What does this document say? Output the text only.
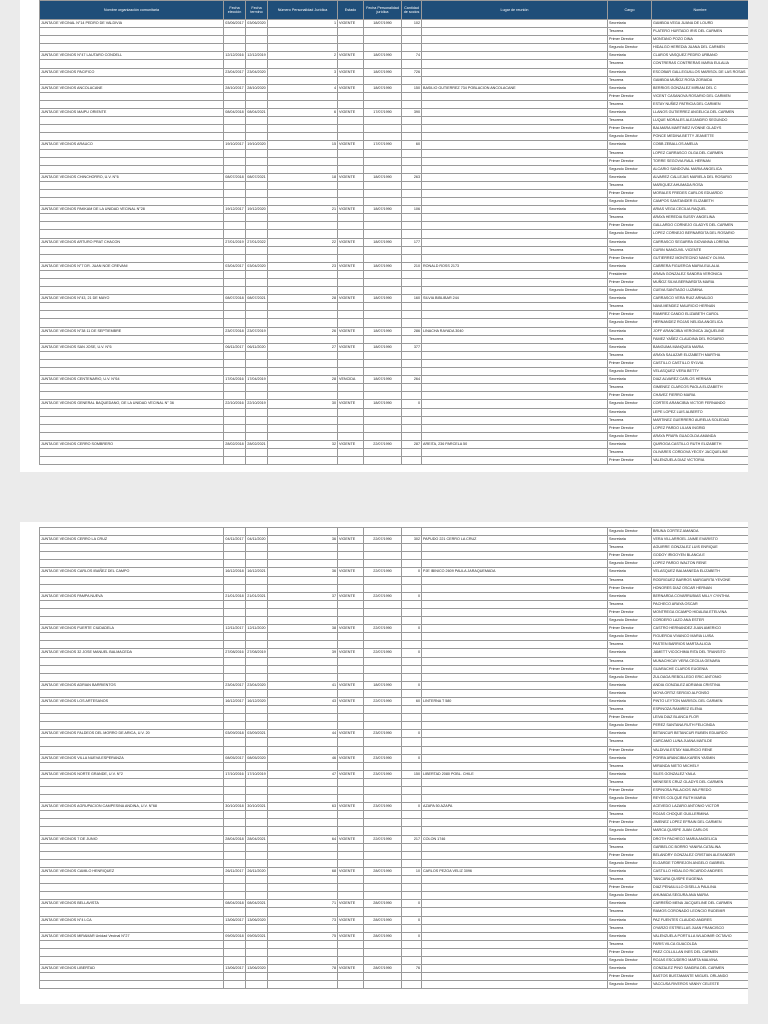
Nombre organización comunitaria	Fecha elección	Fecha termino	Número Personalidad Jurídica	Estado	Fecha Personalidad jurídica	Cantidad de socios	Lugar de reunión	Cargo	Nombre
JUNTA DE VECINAL N°14 PEDRO DE VALDIVIA	03/06/2017	03/06/2020	1	VIGENTE	18/07/1990	102		Secretaria	GAMBOA VEGA JUANA DE LOURD
								Tesorera	PLATERO HURTADO IRIS DEL CARMEN
								Primer Director	MONTANO POZO DINA
								Segundo Director	HIDALGO HEREDIA JUANA DEL CARMEN
JUNTA DE VECINOS N°47 LAUTARO CONDELL	12/12/2016	12/12/2019	2	VIGENTE	18/07/1990	74		Secretaria	CLAROS VASQUEZ PEDRO URBANO
								Tesorera	CONTRERAS CONTRERAS MARIA EULALIA
JUNTA DE VECINOS PACIFICO	23/04/2017	23/04/2020	3	VIGENTE	18/07/1990	726		Secretaria	ESCOBAR GALLEGUILLOS MARISOL DE LAS ROSAS
								Tesorera	GAMBOA MUÑOZ ROSA ZORAIDA
JUNTA DE VECINOS ANCOLACANE	28/10/2017	28/10/2020	4	VIGENTE	18/07/1990	150	BASILIO GUTIERREZ 734 POBLACION ANCOLACANE	Secretaria	BERRIOS GONZALEZ MIRIAM DEL C
								Primer Director	VICENT CASANOVA ROSARIO DEL CARMEN
								Tesorera	ESTAY NUÑEZ PATRICIA DEL CARMEN
JUNTA DE VECINOS MAIPU ORIENTE	08/04/2018	08/04/2021	6	VIGENTE	17/07/1990	390		Secretaria	LLANOS GUTIERREZ ANGELICA DEL CARMEN
								Tesorera	LUQUE MORALES ALEJANDRO SEGUNDO
								Primer Director	BALMARA MARTINEZ IVONNE GLADYS
								Segundo Director	PONCE MEDINA BETTY JEANETTE
JUNTA DE VECINOS ARAUCO	19/10/2017	19/10/2020	15	VIGENTE	17/07/1990	60		Secretaria	COBB ZEBALLOS AMELIA
								Tesorera	LOPEZ CARRASCO OLGA DEL CARMEN
								Primer Director	TORRE SEGOVIA RAUL HERNAN
								Segundo Director	ALCARIO SANDOVAL MARIA ANGELICA
JUNTA DE VECINOS CHINCHORRO, U.V. N°6	08/07/2018	08/07/2021	18	VIGENTE	18/07/1990	263		Secretaria	ALVAREZ CALLEJAS MARIELA DEL ROSARIO
								Tesorera	MARIQUEZ AHUMADA ROSA
								Primer Director	MORALES FREDES CARLOS EDUARDO
								Segundo Director	CAMPOS SANTANDER ELIZABETH
JUNTA DE VECINOS PAKKAM DE LA UNIDAD VECINAL N°28	19/12/2017	19/12/2020	21	VIGENTE	18/07/1990	106		Secretaria	ARIAS VEGA CECILIA RAQUEL
								Tesorera	ARAYA HEREDIA SUSSY ANGELINA
								Primer Director	GALLARDO CORNEJO GLADYS DEL CARMEN
								Segundo Director	LOPEZ CORNEJO BERNARDITA DEL ROSARIO
JUNTA DE VECINOS ARTURO PRAT CHACON	27/01/2019	27/01/2022	22	VIGENTE	18/07/1990	177		Secretaria	CARRASCO SEGARRA GIOVANNA LORENA
								Tesorera	CURIN NANCUVIL VICENTE
								Primer Director	GUTIERREZ MONTECINO NANCY OLIVIA
JUNTA DE VECINOS N°7 DR. JUAN NOE CREVANI	03/04/2017	03/04/2020	23	VIGENTE	18/07/1990	210	RONALD ROSS 2173	Secretaria	CABRERA FIGUEROA MARIA EULALIA
								Presidente	ARAVA GONZALEZ SANDRA VERONICA
								Primer Director	MUÑOZ SILVA BERNARDITA MARIA
								Segundo Director	CUEVA SANTIAGO LUZMINA
JUNTA DE VECINOS N°43, 21 DE MAYO	08/07/2018	08/07/2021	28	VIGENTE	18/07/1990	160	SILVIA BIBLIBAR 244	Secretaria	CARRASCO VERA RUIZ ARNALDO
								Tesorera	NAVA MENDEZ MAURICIO HERNAN
								Primer Director	RAMIREZ CANDO ELIZABETH CAROL
								Segundo Director	HERNANDEZ ROJAS NELIDA ANGELICA
JUNTA DE VECINOS N°38 11 DE SEPTIEMBRE	23/07/2018	23/07/2019	26	VIGENTE	18/07/1990	286	LINACHA RAYADA 3040	Secretaria	JOFF ARANCIBIA VERONICA JAQUELINE
								Tesorera	FAMEZ YAÑEZ CLAUDINA DEL ROSARIO
JUNTA DE VECINOS SAN JOSE, U.V. N°6	06/11/2017	06/11/2020	27	VIGENTE	18/07/1990	377		Secretaria	BANGUMA MANQUEA MARIA
								Tesorera	ARAYA SALAZAR ELIZABETH MARTHA
								Primer Director	CASTILLO CASTILLO SYLVIA
								Segundo Director	VELASQUEZ VERA BETTY
JUNTA DE VECINOS CENTENARIO, U.V. N°64	17/04/2016	17/04/2019	28	VENCIDA	18/07/1990	264		Secretaria	DIAZ ALVAREZ CARLOS HERNAN
								Tesorera	GIMENEZ CLARCOS PAOLA ELIZABETH
								Primer Director	CHAVEZ FIERRO MARIA
JUNTA DE VECINOS GENERAL BAQUEDANO, DE LA UNIDAD VECINAL N° 36	22/10/2016	22/10/2019	30	VIGENTE	18/07/1990	0		Segundo Director	CORTES ARANCIBIA VICTOR FERNANDO
								Secretaria	LEPE LOPEZ LUIS ALBERTO
								Tesorera	MARTINEZ GUERRERO AURELIA SOLEDAD
								Primer Director	LOPEZ PARDO LILIAN INGRID
								Segundo Director	ARAYA PRAPA GUACOLDA AMANDA
JUNTA DE VECINOS CERRO SOMBRERO	28/02/2018	28/02/2021	32	VIGENTE	22/07/1990	287	AREITA, 236 PARCELA 50	Secretaria	QUIROGA CASTILLO RUTH ELIZABETH
								Tesorera	OLIVARES CORDOVA YECSY JACQUELINE
								Primer Director	VALENZUELA DIAZ VICTORIA
								Segundo Director	BRUNA CORTEZ AMANDA
JUNTA DE VECINOS CERRO LA CRUZ	04/11/2017	04/11/2020	36	VIGENTE	22/07/1990	302	PAPUDO 221 CERRO LA CRUZ	Secretaria	VERA VILLARROEL JAIME EVARISTO
								Tesorera	AGUIRRE GONZALEZ LUIS ENRIQUE
								Primer Director	GODOY IRIGOYEN BLANCA E
								Segundo Director	LOPEZ PARDO WALTON RENE
JUNTA DE VECINOS CARLOS IBAÑEZ DEL CAMPO	16/12/2018	16/12/2021	36	VIGENTE	22/07/1990	0	PJE IBINICO 2609 PAULA JARAQUEMADA	Secretaria	VELASQUEZ BALMANEDA ELIZABETH
								Tesorera	RODRIGUEZ BARROS MARGARITA YEVONE
								Primer Director	HONORES DIAZ OSCAR HERNAN
JUNTA DE VECINOS PAMPA NUEVA	21/01/2018	21/01/2021	37	VIGENTE	22/07/1990	0		Secretaria	BERNARDA COVARRUBIAS MILLY CYNTHIA
								Tesorera	PACHECO ARAYA OSCAR
								Primer Director	MONTREGA OCAMPO HIDALBA ETELVINA
								Segundo Director	CORDERO LAZO ANA ESTER
JUNTA DE VECINOS FUERTE CIUDADELA	12/11/2017	12/11/2020	38	VIGENTE	22/07/1990	0		Primer Director	CASTRO HERNANDEZ JUAN AMERICO
								Segundo Director	FIGUEROA VIVANCO MARIA LUISA
								Tesorera	PASTEN BARRIOS MARTA ALICIA
JUNTA DE VECINOS 32 JOSE MANUEL BALMACEDA	27/08/2016	27/08/2019	39	VIGENTE	22/07/1990	0		Secretaria	JAMETT VICOCHIMA RITA DEL TRANSITO
								Tesorera	MUNACHICAY VERA CECILIA GENARA
								Primer Director	GUARACHE CLAROS EUGENIA
								Segundo Director	ZULOAGA REBOLLEDO ERIC ANTONIO
JUNTA DE VECINOS ADRIAN BARRIENTOS	23/04/2017	23/04/2020	41	VIGENTE	18/07/1990	0		Secretaria	ANDIA GONZALEZ ADRIANA CRISTINA
								Secretaria	MOYA ORTIZ SERGIO ALFONSO
JUNTA DE VECINOS LOS ARTESANOS	16/12/2017	16/12/2020	43	VIGENTE	22/07/1990	60	LINTERNA T 580	Secretaria	PINTO LEYTON MARISOL DEL CARMEN
								Tesorera	ESPINOZA RAMIREZ ELENA
								Primer Director	LEIVA DIAZ BLANCA FLOR
								Segundo Director	PEREZ SANTANA RUTH FELICINDA
JUNTA DE VECINOS FALDEOS DEL MORRO DE ARICA, U.V. 20	03/09/2018	03/09/2021	44	VIGENTE	23/07/1990	0		Secretaria	BETANCUR BETANCUR RUBEN EDUARDO
								Tesorera	CARCAMO LUNA JUANA MATILDE
								Primer Director	VALDIVIA ESTAY MAURICIO RENE
JUNTA DE VECINOS VILLA NUEVA ESPERANZA	08/05/2017	08/05/2020	46	VIGENTE	23/07/1990	0		Secretaria	PORRA ARANCIBIA KAREN YASMIN
								Tesorera	MIRANDA NIETO MICHELY
JUNTA DE VECINOS NORTE GRANDE, U.V. N°2	17/10/2016	17/10/2019	47	VIGENTE	23/07/1990	150	LIBERTAD 2080 POBL. CHILE	Secretaria	SILES GONZALEZ YAILA
								Tesorera	MENESES CRUZ GLADYS DEL CARMEN
								Primer Director	ESPINOSA PALACIOS WILFREDO
								Segundo Director	REYES COLQUE RUTH MARIA
JUNTA DE VECINOS AGRUPACION CAMPESINA ANDINA, U.V. N°68	30/10/2018	30/10/2021	63	VIGENTE	23/07/1990	0	AZAPA 50 AZAPA	Secretaria	ACEVEDO LAZARO ANTONIO VICTOR
								Tesorera	ROJAS CHOQUE GUILLERMINA
								Primer Director	JIMENEZ LOPEZ EFRAIN DEL CARMEN
								Segundo Director	MARCA QUISPE JUAN CARLOS
JUNTA DE VECINOS 7 DE JUNIO	28/04/2018	28/04/2021	64	VIGENTE	22/07/1990	217	COLON 1746	Secretaria	DROTH PACHECO MARIA ANGELICA
								Tesorera	GARBELOC BORRO YANIRA CATALINA
								Primer Director	BELANDRY GONZALEZ CRISTIAN ALEXANDER
								Segundo Director	ELGARDE TORREJON ANGELO GABRIEL
JUNTA DE VECINOS CAMILO HENRIQUEZ	26/11/2017	26/11/2020	68	VIGENTE	28/07/1990	10	CARLOS PEZOA VELIZ 3096	Secretaria	CASTILLO HIDALGO RICARDO ANDRES
								Tesorera	TANCARA QUISPE EUGENIA
								Primer Director	DIAZ PENAILILLO GISELLA PAULINA
								Segundo Director	AHUMADA SEGURA ANA MARIA
JUNTA DE VECINOS BELLAVISTA	08/04/2018	08/04/2021	71	VIGENTE	28/07/1990	0		Secretaria	CARREÑO MENA JACQUELINE DEL CARMEN
								Tesorera	RAMOS CORONADO LEONCIO RUDEMIR
JUNTA DE VECINOS N°4 LCA	13/06/2017	13/06/2020	73	VIGENTE	28/07/1990	0		Secretaria	PAZ FUENTES CLAUDIO ANDRES
								Tesorera	OYARZO ESTRELLAS JUAN FRANCISCO
JUNTA DE VECINOS MIRAMAR Unidad Vecinal N°27	09/05/2018	09/05/2021	75	VIGENTE	28/07/1990	0		Secretaria	VALENZUELA PORTILLA WLADIMIR OCTAVIO
								Tesorera	FARIS VILCA GUACOLDA
								Primer Director	PAEZ COLLILLAN INES DEL CARMEN
								Segundo Director	ROJAS ESCUDERO MARTA MALVINA
JUNTA DE VECINOS LIBERTAD	13/06/2017	13/06/2020	78	VIGENTE	28/07/1990	76		Secretaria	GONZALEZ PINO SANDRA DEL CARMEN
								Primer Director	BASTOS BUSTAMANTE MIGUEL ORLANDO
								Segundo Director	VACCUSA RIVEROS VANNY CELESTE
